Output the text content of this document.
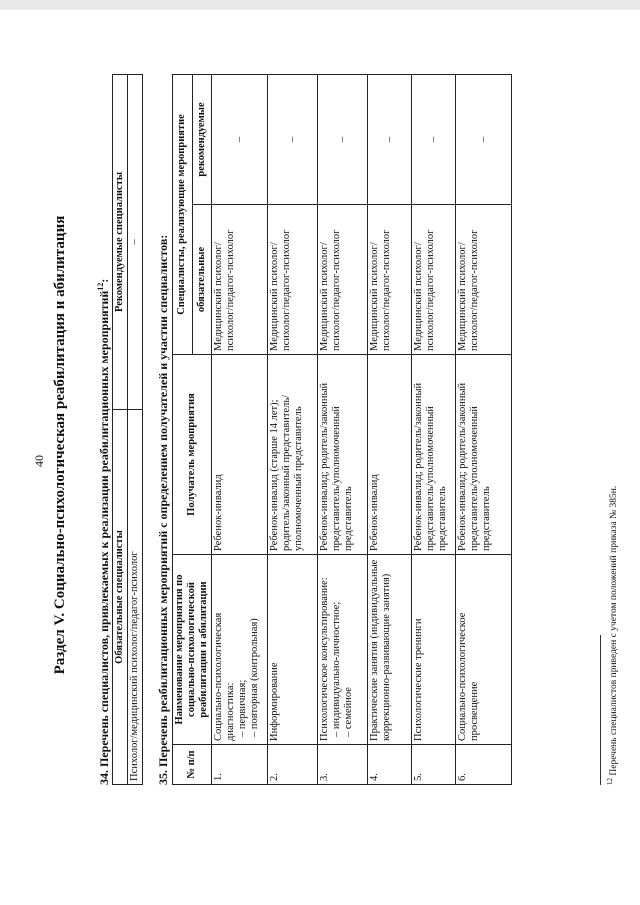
40 Раздел V. Социально-психологическая реабилитация и абилитация 34. Перечень специалистов, привлекаемых к реализации реабилитационных мероприятий$^{12}$:
Обязательные специалисты	Рекомендуемые специалисты
Психолог/медицинский психолог/педагог-психолог	– 35. Перечень реабилитационных мероприятий с определением получателей и участии специалистов: № п/п	Наименование мероприятия по социально-психологической реабилитации и абилитации	Получатель мероприятия	Специалисты, реализующие мероприятие	
			обязательные	рекомендуемые
1.	Социально-психологическая диагностика: – первичная; – повторная (контрольная)	Ребенок-инвалид	Медицинский психолог/психолог/педагог-психолог	–
2.	Информирование	Ребенок-инвалид (старше 14 лет); родитель/законный представитель/уполномоченный представитель	Медицинский психолог/психолог/педагог-психолог	–
3.	Психологическое консультирование: – индивидуально-личностное; – семейное	Ребенок-инвалид; родитель/законный представитель/уполномоченный представитель	Медицинский психолог/психолог/педагог-психолог	–
4.	Практические занятия (индивидуальные коррекционно-развивающие занятия)	Ребенок-инвалид	Медицинский психолог/психолог/педагог-психолог	–
5.	Психологические тренинги	Ребенок-инвалид; родитель/законный представитель/уполномоченный представитель	Медицинский психолог/психолог/педагог-психолог	–
6.	Социально-психологическое просвещение	Ребенок-инвалид; родитель/законный представитель/уполномоченный представитель	Медицинский психолог/психолог/педагог-психолог	–
$^{12}$ Перечень специалистов приведен с учетом положений приказа № 385н.
